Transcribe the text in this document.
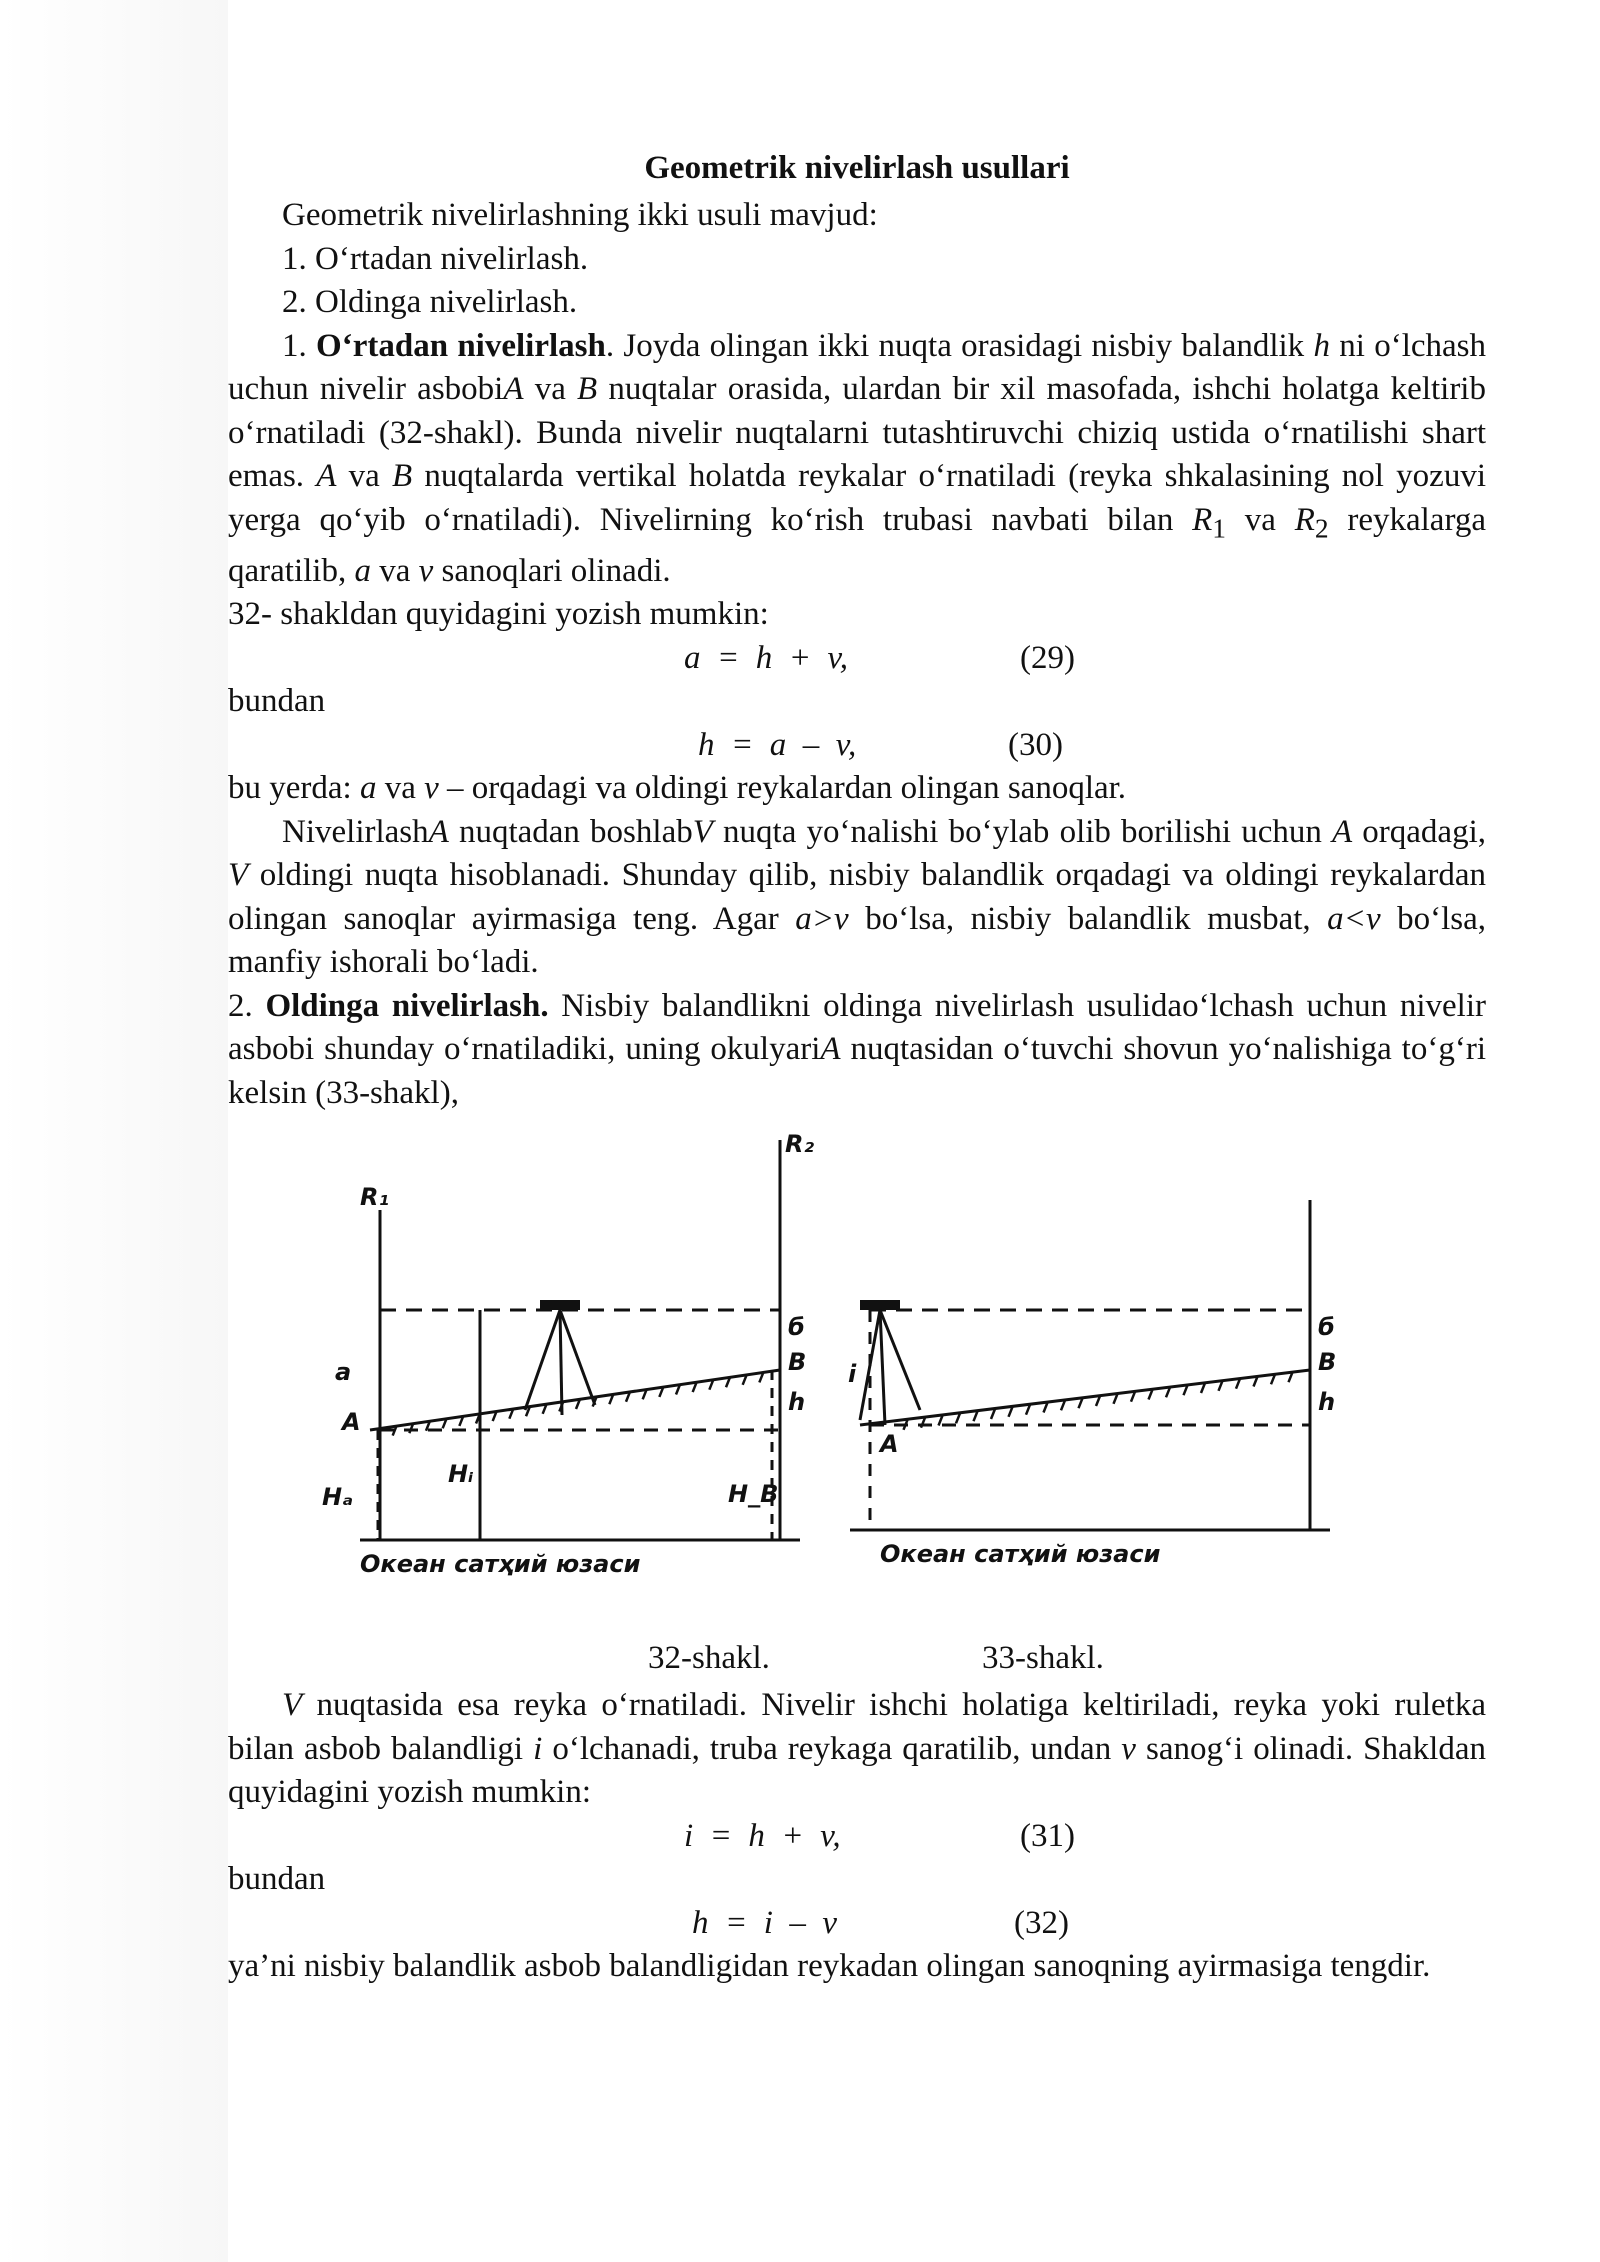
Geometrik nivelirlash usullari

Geometrik nivelirlashning ikki usuli mavjud:

1. O‘rtadan nivelirlash.

2. Oldinga nivelirlash.

1. O‘rtadan nivelirlash. Joyda olingan ikki nuqta orasidagi nisbiy balandlik h ni o‘lchash uchun nivelir asbobiA va B nuqtalar orasida, ulardan bir xil masofada, ishchi holatga keltirib o‘rnatiladi (32-shakl). Bunda nivelir nuqtalarni tutashtiruvchi chiziq ustida o‘rnatilishi shart emas. A va B nuqtalarda vertikal holatda reykalar o‘rnatiladi (reyka shkalasining nol yozuvi yerga qo‘yib o‘rnatiladi). Nivelirning ko‘rish trubasi navbati bilan $R_1$ va $R_2$ reykalarga qaratilib, a va v sanoqlari olinadi.

32- shakldan quyidagini yozish mumkin:

a  =  h  +  v,	(29)

bundan

h  =  a  –  v,	(30)

bu yerda: a va v – orqadagi va oldingi reykalardan olingan sanoqlar.

NivelirlashA nuqtadan boshlabV nuqta yo‘nalishi bo‘ylab olib borilishi uchun A orqadagi, V oldingi nuqta hisoblanadi. Shunday qilib, nisbiy balandlik orqadagi va oldingi reykalardan olingan sanoqlar ayirmasiga teng. Agar a>v bo‘lsa, nisbiy balandlik musbat, a<v bo‘lsa, manfiy ishorali bo‘ladi.

2. Oldinga nivelirlash. Nisbiy balandlikni oldinga nivelirlash usulidao‘lchash uchun nivelir asbobi shunday o‘rnatiladiki, uning okulyariA nuqtasidan o‘tuvchi shovun yo‘nalishiga to‘g‘ri kelsin (33-shakl),

R₁
R₂
a
A
Hₐ
Hᵢ
H_B
б
B
h
Океан сатҳий юзаси
i
A
б
B
h
Океан сатҳий юзаси
32-shakl.	33-shakl.

V nuqtasida esa reyka o‘rnatiladi. Nivelir ishchi holatiga keltiriladi, reyka yoki ruletka bilan asbob balandligi i o‘lchanadi, truba reykaga qaratilib, undan v sanog‘i olinadi. Shakldan quyidagini yozish mumkin:

i  =  h  +  v,	(31)

bundan

h  =  i  –  v	(32)

ya’ni nisbiy balandlik asbob balandligidan reykadan olingan sanoqning ayirmasiga tengdir.
